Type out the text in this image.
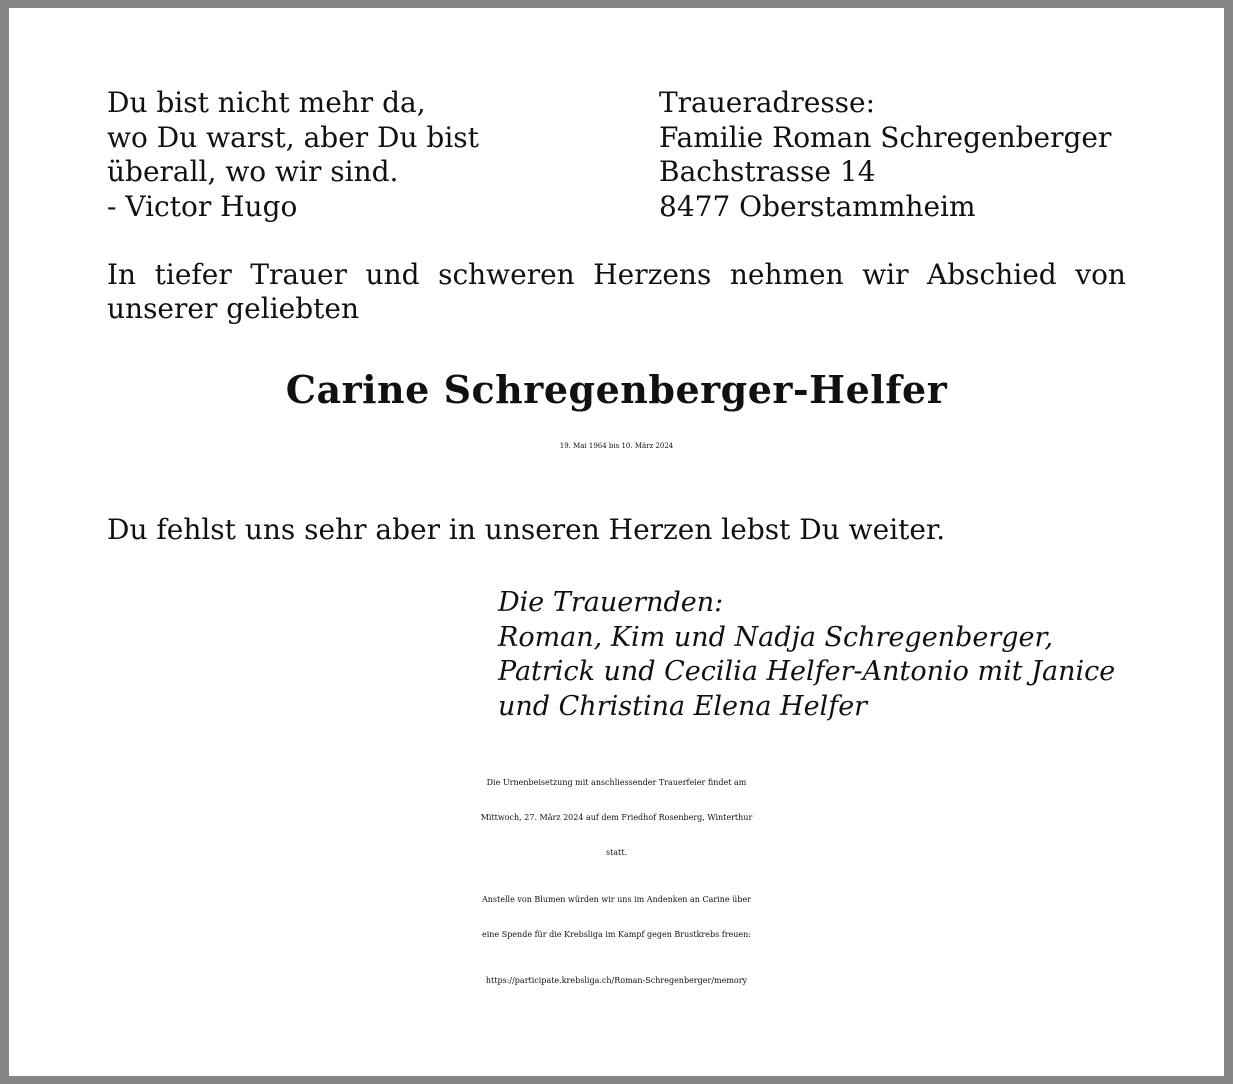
Du bist nicht mehr da,
wo Du warst, aber Du bist
überall, wo wir sind.
- Victor Hugo
Traueradresse:
Familie Roman Schregenberger
Bachstrasse 14
8477 Oberstammheim
In tiefer Trauer und schweren Herzens nehmen wir Abschied von
unserer geliebten
Carine Schregenberger-Helfer
19. Mai 1964 bis 10. März 2024
Du fehlst uns sehr aber in unseren Herzen lebst Du weiter.
Die Trauernden:
Roman, Kim und Nadja Schregenberger,
Patrick und Cecilia Helfer-Antonio mit Janice
und Christina Elena Helfer
Die Urnenbeisetzung mit anschliessender Trauerfeier findet am
Mittwoch, 27. März 2024 auf dem Friedhof Rosenberg, Winterthur
statt.
Anstelle von Blumen würden wir uns im Andenken an Carine über
eine Spende für die Krebsliga im Kampf gegen Brustkrebs freuen:
https://participate.krebsliga.ch/Roman-Schregenberger/memory
